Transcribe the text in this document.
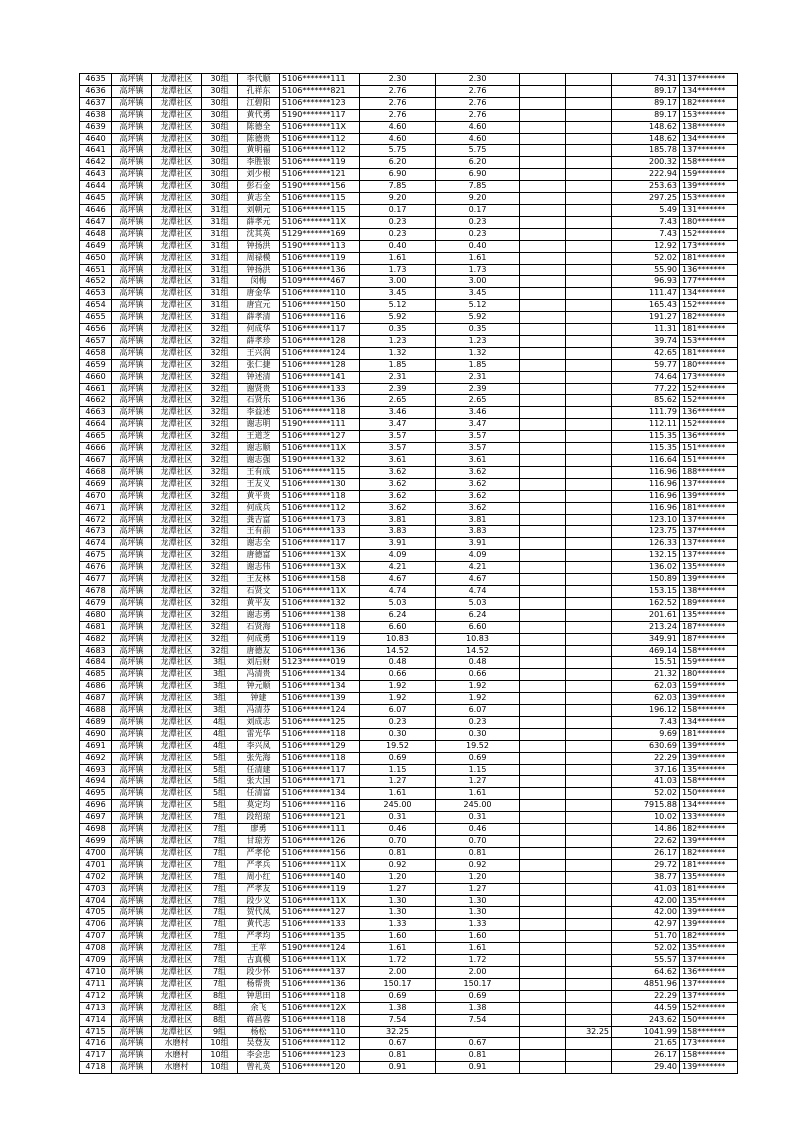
4635	高坪镇	龙潭社区	30组	李代顺	5106*******111	2.30	2.30			74.31	137*******
4636	高坪镇	龙潭社区	30组	孔祥东	5106*******821	2.76	2.76			89.17	134*******
4637	高坪镇	龙潭社区	30组	江碧阳	5106*******123	2.76	2.76			89.17	182*******
4638	高坪镇	龙潭社区	30组	黄代勇	5190*******117	2.76	2.76			89.17	153*******
4639	高坪镇	龙潭社区	30组	陈德全	5106*******11X	4.60	4.60			148.62	138*******
4640	高坪镇	龙潭社区	30组	陈德贵	5106*******112	4.60	4.60			148.62	134*******
4641	高坪镇	龙潭社区	30组	黄明福	5106*******112	5.75	5.75			185.78	137*******
4642	高坪镇	龙潭社区	30组	李胜银	5106*******119	6.20	6.20			200.32	158*******
4643	高坪镇	龙潭社区	30组	刘少根	5106*******121	6.90	6.90			222.94	159*******
4644	高坪镇	龙潭社区	30组	彭石金	5190*******156	7.85	7.85			253.63	139*******
4645	高坪镇	龙潭社区	30组	黄志全	5106*******115	9.20	9.20			297.25	153*******
4646	高坪镇	龙潭社区	31组	刘朝元	5106*******115	0.17	0.17			5.49	131*******
4647	高坪镇	龙潭社区	31组	薛孝元	5106*******11X	0.23	0.23			7.43	180*******
4648	高坪镇	龙潭社区	31组	沈其英	5129*******169	0.23	0.23			7.43	152*******
4649	高坪镇	龙潭社区	31组	钟扬洪	5190*******113	0.40	0.40			12.92	173*******
4650	高坪镇	龙潭社区	31组	周禄模	5106*******119	1.61	1.61			52.02	181*******
4651	高坪镇	龙潭社区	31组	钟扬洪	5106*******136	1.73	1.73			55.90	136*******
4652	高坪镇	龙潭社区	31组	闵梅	5109*******467	3.00	3.00			96.93	177*******
4653	高坪镇	龙潭社区	31组	唐金华	5106*******110	3.45	3.45			111.47	134*******
4654	高坪镇	龙潭社区	31组	唐宜元	5106*******150	5.12	5.12			165.43	152*******
4655	高坪镇	龙潭社区	31组	薛孝清	5106*******116	5.92	5.92			191.27	182*******
4656	高坪镇	龙潭社区	32组	何成华	5106*******117	0.35	0.35			11.31	181*******
4657	高坪镇	龙潭社区	32组	薛孝珍	5106*******128	1.23	1.23			39.74	153*******
4658	高坪镇	龙潭社区	32组	王兴润	5106*******124	1.32	1.32			42.65	181*******
4659	高坪镇	龙潭社区	32组	张仁捷	5106*******128	1.85	1.85			59.77	180*******
4660	高坪镇	龙潭社区	32组	钟述清	5106*******141	2.31	2.31			74.64	173*******
4661	高坪镇	龙潭社区	32组	谢贤贵	5106*******133	2.39	2.39			77.22	152*******
4662	高坪镇	龙潭社区	32组	石贤乐	5106*******136	2.65	2.65			85.62	152*******
4663	高坪镇	龙潭社区	32组	李益述	5106*******118	3.46	3.46			111.79	136*******
4664	高坪镇	龙潭社区	32组	谢志明	5190*******111	3.47	3.47			112.11	152*******
4665	高坪镇	龙潭社区	32组	王道芝	5106*******127	3.57	3.57			115.35	136*******
4666	高坪镇	龙潭社区	32组	谢志顺	5106*******11X	3.57	3.57			115.35	151*******
4667	高坪镇	龙潭社区	32组	谢志强	5190*******132	3.61	3.61			116.64	151*******
4668	高坪镇	龙潭社区	32组	王有成	5106*******115	3.62	3.62			116.96	188*******
4669	高坪镇	龙潭社区	32组	王友义	5106*******130	3.62	3.62			116.96	137*******
4670	高坪镇	龙潭社区	32组	黄平贵	5106*******118	3.62	3.62			116.96	139*******
4671	高坪镇	龙潭社区	32组	何成兵	5106*******112	3.62	3.62			116.96	181*******
4672	高坪镇	龙潭社区	32组	龚吉富	5106*******173	3.81	3.81			123.10	137*******
4673	高坪镇	龙潭社区	32组	王有前	5106*******133	3.83	3.83			123.75	137*******
4674	高坪镇	龙潭社区	32组	谢志全	5106*******117	3.91	3.91			126.33	137*******
4675	高坪镇	龙潭社区	32组	唐德富	5106*******13X	4.09	4.09			132.15	137*******
4676	高坪镇	龙潭社区	32组	谢志伟	5106*******13X	4.21	4.21			136.02	135*******
4677	高坪镇	龙潭社区	32组	王友林	5106*******158	4.67	4.67			150.89	139*******
4678	高坪镇	龙潭社区	32组	石贤文	5106*******11X	4.74	4.74			153.15	138*******
4679	高坪镇	龙潭社区	32组	黄平友	5106*******132	5.03	5.03			162.52	189*******
4680	高坪镇	龙潭社区	32组	谢志勇	5106*******138	6.24	6.24			201.61	135*******
4681	高坪镇	龙潭社区	32组	石贤海	5106*******118	6.60	6.60			213.24	187*******
4682	高坪镇	龙潭社区	32组	何成勇	5106*******119	10.83	10.83			349.91	187*******
4683	高坪镇	龙潭社区	32组	唐德友	5106*******136	14.52	14.52			469.14	158*******
4684	高坪镇	龙潭社区	3组	刘后财	5123*******019	0.48	0.48			15.51	159*******
4685	高坪镇	龙潭社区	3组	冯清贵	5106*******134	0.66	0.66			21.32	180*******
4686	高坪镇	龙潭社区	3组	钟元顺	5106*******134	1.92	1.92			62.03	159*******
4687	高坪镇	龙潭社区	3组	钟建	5106*******139	1.92	1.92			62.03	139*******
4688	高坪镇	龙潭社区	3组	冯清芬	5106*******124	6.07	6.07			196.12	158*******
4689	高坪镇	龙潭社区	4组	刘成志	5106*******125	0.23	0.23			7.43	134*******
4690	高坪镇	龙潭社区	4组	雷光华	5106*******118	0.30	0.30			9.69	181*******
4691	高坪镇	龙潭社区	4组	李兴凤	5106*******129	19.52	19.52			630.69	139*******
4692	高坪镇	龙潭社区	5组	张先海	5106*******118	0.69	0.69			22.29	139*******
4693	高坪镇	龙潭社区	5组	任清建	5106*******117	1.15	1.15			37.16	135*******
4694	高坪镇	龙潭社区	5组	张大国	5106*******171	1.27	1.27			41.03	158*******
4695	高坪镇	龙潭社区	5组	任清富	5106*******134	1.61	1.61			52.02	150*******
4696	高坪镇	龙潭社区	5组	莫定均	5106*******116	245.00	245.00			7915.88	134*******
4697	高坪镇	龙潭社区	7组	段绍琼	5106*******121	0.31	0.31			10.02	133*******
4698	高坪镇	龙潭社区	7组	廖勇	5106*******111	0.46	0.46			14.86	182*******
4699	高坪镇	龙潭社区	7组	甘琼芳	5106*******126	0.70	0.70			22.62	139*******
4700	高坪镇	龙潭社区	7组	严孝伦	5106*******156	0.81	0.81			26.17	182*******
4701	高坪镇	龙潭社区	7组	严孝兵	5106*******11X	0.92	0.92			29.72	181*******
4702	高坪镇	龙潭社区	7组	周小红	5106*******140	1.20	1.20			38.77	135*******
4703	高坪镇	龙潭社区	7组	严孝友	5106*******119	1.27	1.27			41.03	181*******
4704	高坪镇	龙潭社区	7组	段少义	5106*******11X	1.30	1.30			42.00	135*******
4705	高坪镇	龙潭社区	7组	贺代凤	5106*******127	1.30	1.30			42.00	139*******
4706	高坪镇	龙潭社区	7组	黄代志	5106*******133	1.33	1.33			42.97	139*******
4707	高坪镇	龙潭社区	7组	严孝均	5106*******135	1.60	1.60			51.70	182*******
4708	高坪镇	龙潭社区	7组	王苹	5190*******124	1.61	1.61			52.02	135*******
4709	高坪镇	龙潭社区	7组	古真模	5106*******11X	1.72	1.72			55.57	137*******
4710	高坪镇	龙潭社区	7组	段少怀	5106*******137	2.00	2.00			64.62	136*******
4711	高坪镇	龙潭社区	7组	杨帮贵	5106*******136	150.17	150.17			4851.96	137*******
4712	高坪镇	龙潭社区	8组	钟思田	5106*******118	0.69	0.69			22.29	137*******
4713	高坪镇	龙潭社区	8组	余飞	5106*******12X	1.38	1.38			44.59	152*******
4714	高坪镇	龙潭社区	8组	蒋昌蓉	5106*******118	7.54	7.54			243.62	150*******
4715	高坪镇	龙潭社区	9组	杨松	5106*******110	32.25			32.25	1041.99	158*******
4716	高坪镇	水磨村	10组	吴登友	5106*******112	0.67	0.67			21.65	173*******
4717	高坪镇	水磨村	10组	李会忠	5106*******123	0.81	0.81			26.17	158*******
4718	高坪镇	水磨村	10组	曾礼英	5106*******120	0.91	0.91			29.40	139*******
